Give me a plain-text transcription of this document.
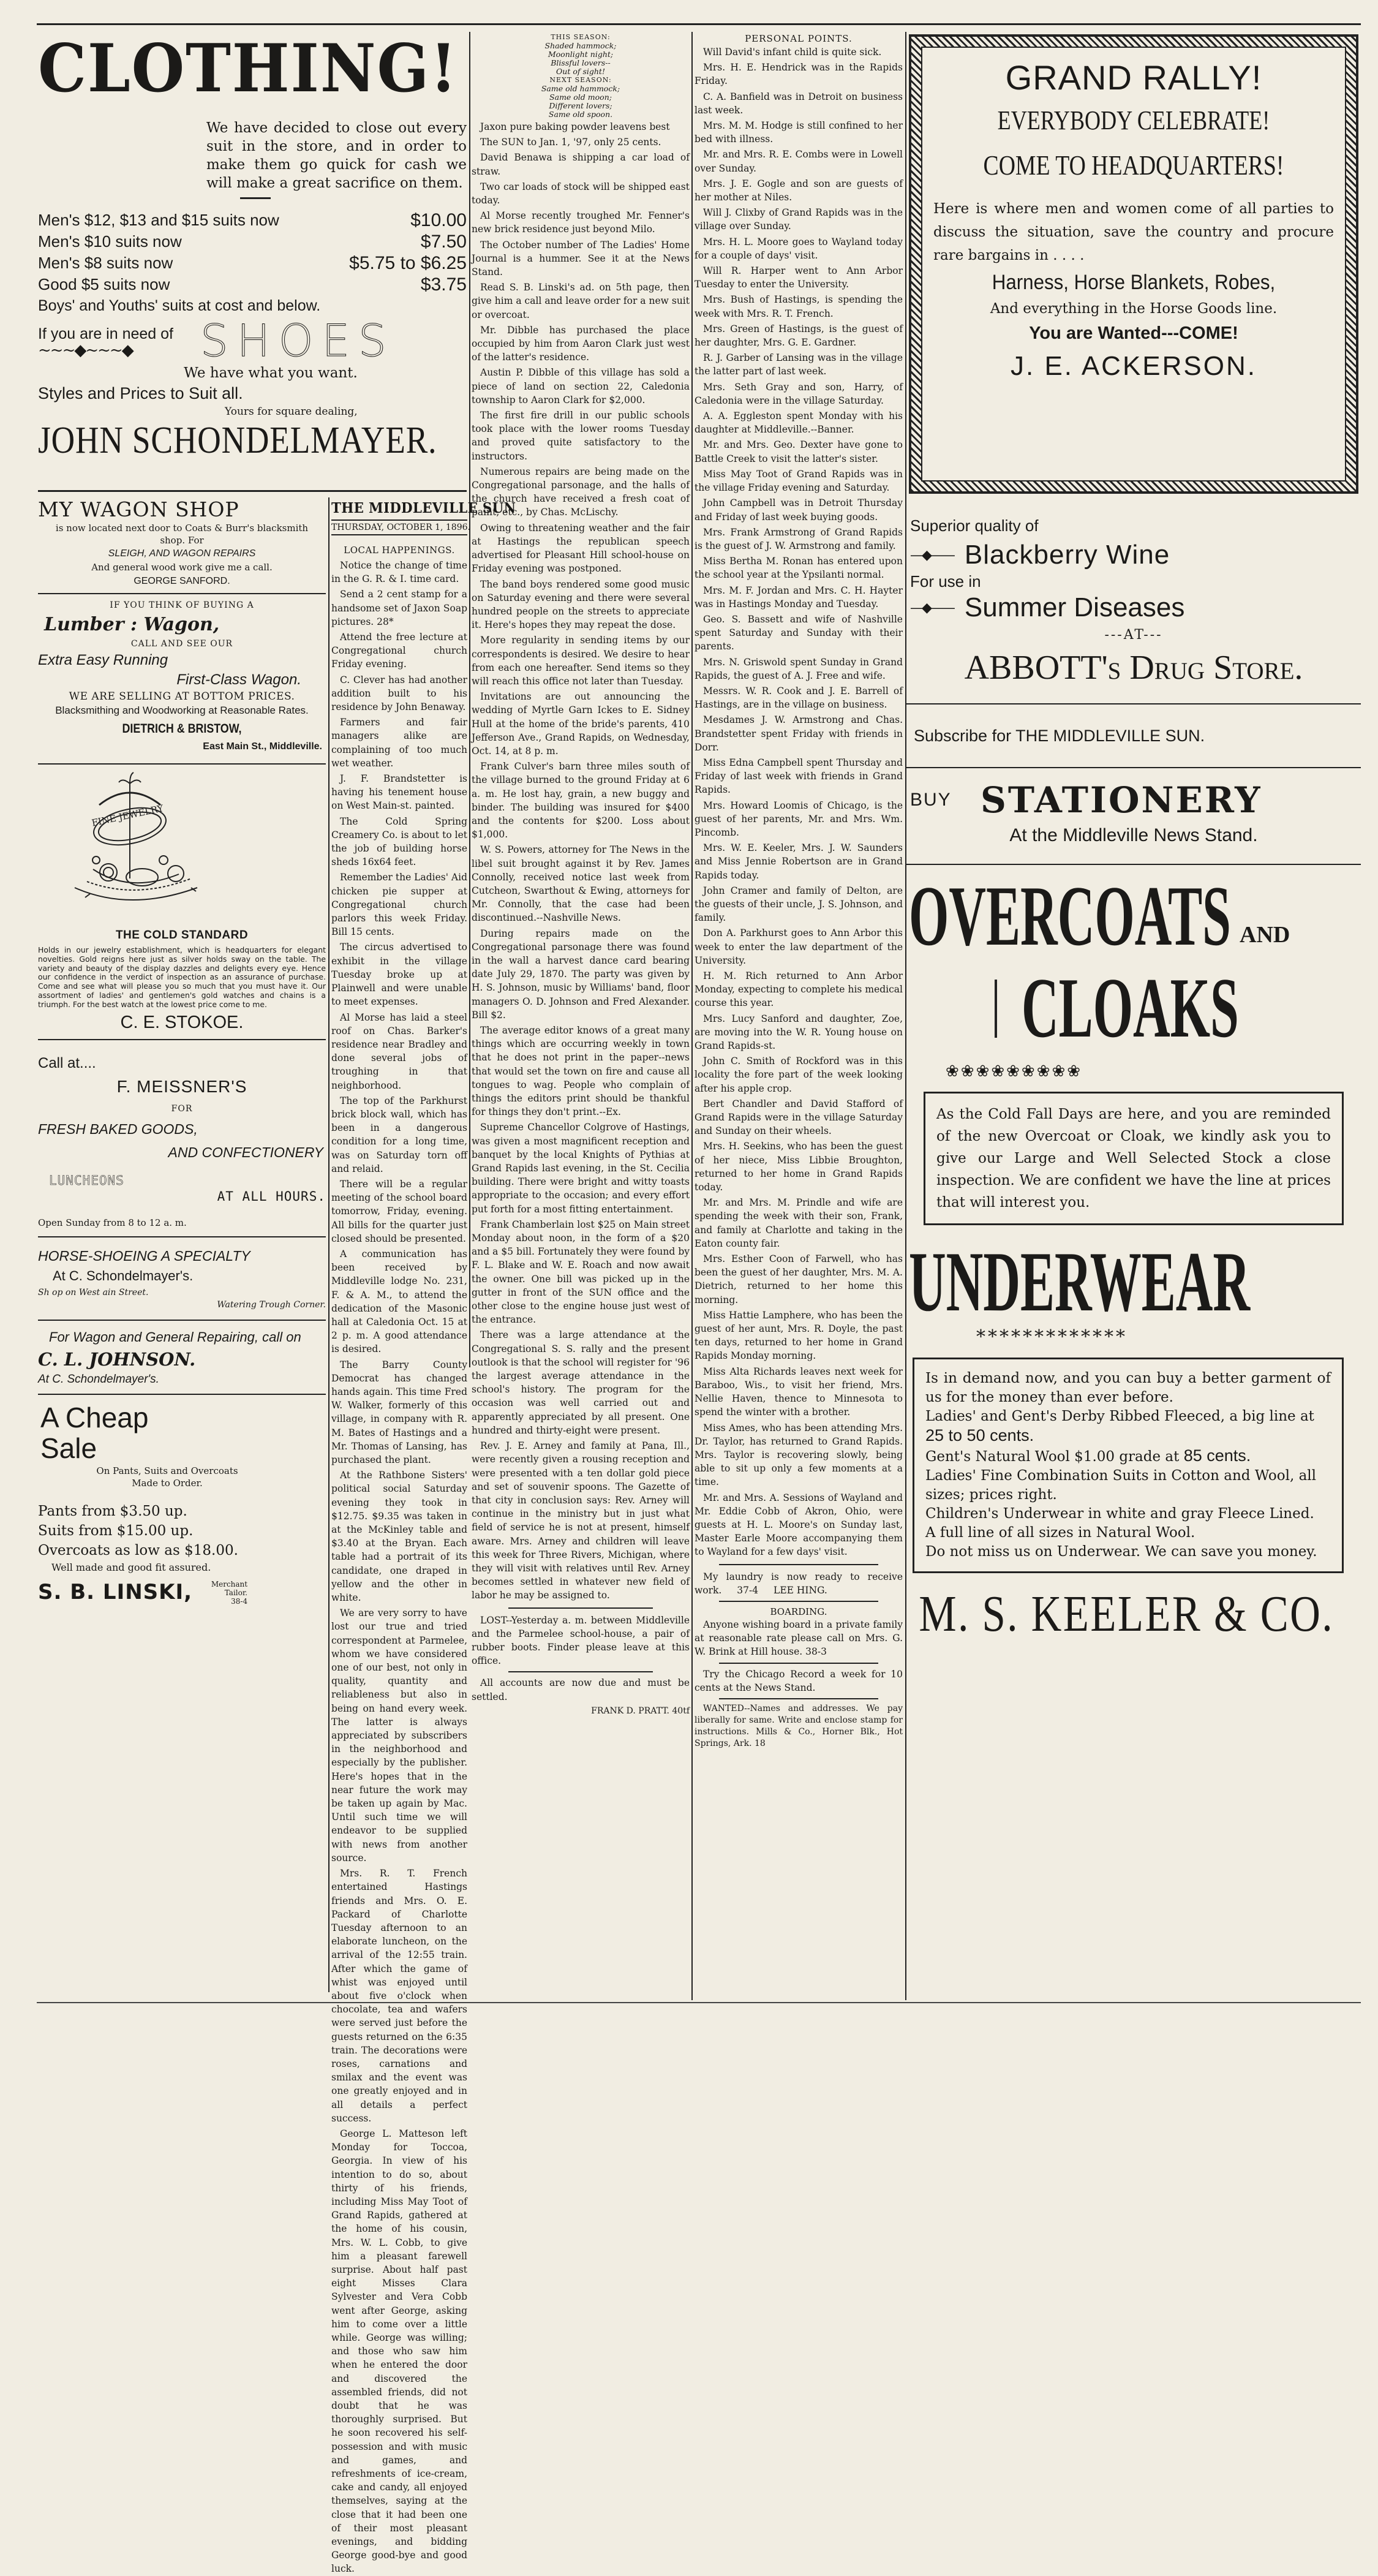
CLOTHING!
We have decided to close out every suit in the store, and in order to make them go quick for cash we will make a great sacrifice on them.
Men's $12, $13 and $15 suits now	$10.00
Men's $10 suits now	$7.50
Men's $8 suits now	$5.75 to $6.25
Good $5 suits now	$3.75
Boys' and Youths' suits at cost and below.
If you are in need of
~~~◆~~~◆	SHOES
We have what you want.
Styles and Prices to Suit all.
Yours for square dealing,
JOHN SCHONDELMAYER.
MY WAGON SHOP
is now located next door to Coats & Burr's blacksmith shop. For
SLEIGH, AND WAGON REPAIRS
And general wood work give me a call.
GEORGE SANFORD.
IF YOU THINK OF BUYING A
Lumber : Wagon,
CALL AND SEE OUR
Extra Easy Running
First-Class Wagon.
WE ARE SELLING AT BOTTOM PRICES.
Blacksmithing and Woodworking at Reasonable Rates.
DIETRICH & BRISTOW,
East Main St., Middleville.
FINE JEWELRY
THE COLD STANDARD
Holds in our jewelry establishment, which is headquarters for elegant novelties. Gold reigns here just as silver holds sway on the table. The variety and beauty of the display dazzles and delights every eye. Hence our confidence in the verdict of inspection as an assurance of purchase. Come and see what will please you so much that you must have it. Our assortment of ladies' and gentlemen's gold watches and chains is a triumph. For the best watch at the lowest price come to me.
C. E. STOKOE.
Call at....
F. MEISSNER'S
FOR
FRESH BAKED GOODS,
AND CONFECTIONERY
LUNCHEONS
AT ALL HOURS.
Open Sunday from 8 to 12 a. m.
HORSE-SHOEING A SPECIALTY
At C. Schondelmayer's.
Sh op on West ain Street.
Watering Trough Corner.
For Wagon and General Repairing, call on
C. L. JOHNSON.
At C. Schondelmayer's.
A Cheap
Sale
On Pants, Suits and Overcoats Made to Order.
Pants from $3.50 up.
Suits from $15.00 up.
Overcoats as low as $18.00.
Well made and good fit assured.
S. B. LINSKI,	Merchant Tailor.
38-4
THE MIDDLEVILLE SUN
THURSDAY, OCTOBER 1, 1896.
LOCAL HAPPENINGS.
Notice the change of time in the G. R. & I. time card.
Send a 2 cent stamp for a handsome set of Jaxon Soap pictures. 28*
Attend the free lecture at Congregational church Friday evening.
C. Clever has had another addition built to his residence by John Benaway.
Farmers and fair managers alike are complaining of too much wet weather.
J. F. Brandstetter is having his tenement house on West Main-st. painted.
The Cold Spring Creamery Co. is about to let the job of building horse sheds 16x64 feet.
Remember the Ladies' Aid chicken pie supper at Congregational church parlors this week Friday. Bill 15 cents.
The circus advertised to exhibit in the village Tuesday broke up at Plainwell and were unable to meet expenses.
Al Morse has laid a steel roof on Chas. Barker's residence near Bradley and done several jobs of troughing in that neighborhood.
The top of the Parkhurst brick block wall, which has been in a dangerous condition for a long time, was on Saturday torn off and relaid.
There will be a regular meeting of the school board tomorrow, Friday, evening. All bills for the quarter just closed should be presented.
A communication has been received by Middleville lodge No. 231, F. & A. M., to attend the dedication of the Masonic hall at Caledonia Oct. 15 at 2 p. m. A good attendance is desired.
The Barry County Democrat has changed hands again. This time Fred W. Walker, formerly of this village, in company with R. M. Bates of Hastings and a Mr. Thomas of Lansing, has purchased the plant.
At the Rathbone Sisters' political social Saturday evening they took in $12.75. $9.35 was taken in at the McKinley table and $3.40 at the Bryan. Each table had a portrait of its candidate, one draped in yellow and the other in white.
We are very sorry to have lost our true and tried correspondent at Parmelee, whom we have considered one of our best, not only in quality, quantity and reliableness but also in being on hand every week. The latter is always appreciated by subscribers in the neighborhood and especially by the publisher. Here's hopes that in the near future the work may be taken up again by Mac. Until such time we will endeavor to be supplied with news from another source.
Mrs. R. T. French entertained Hastings friends and Mrs. O. E. Packard of Charlotte Tuesday afternoon to an elaborate luncheon, on the arrival of the 12:55 train. After which the game of whist was enjoyed until about five o'clock when chocolate, tea and wafers were served just before the guests returned on the 6:35 train. The decorations were roses, carnations and smilax and the event was one greatly enjoyed and in all details a perfect success.
George L. Matteson left Monday for Toccoa, Georgia. In view of his intention to do so, about thirty of his friends, including Miss May Toot of Grand Rapids, gathered at the home of his cousin, Mrs. W. L. Cobb, to give him a pleasant farewell surprise. About half past eight Misses Clara Sylvester and Vera Cobb went after George, asking him to come over a little while. George was willing; and those who saw him when he entered the door and discovered the assembled friends, did not doubt that he was thoroughly surprised. But he soon recovered his self-possession and with music and games, and refreshments of ice-cream, cake and candy, all enjoyed themselves, saying at the close that it had been one of their most pleasant evenings, and bidding George good-bye and good luck.
THIS SEASON:
Shaded hammock;
Moonlight night;
Blissful lovers--
Out of sight!
NEXT SEASON:
Same old hammock;
Same old moon;
Different lovers;
Same old spoon.
Jaxon pure baking powder leavens best
The SUN to Jan. 1, '97, only 25 cents.
David Benawa is shipping a car load of straw.
Two car loads of stock will be shipped east today.
Al Morse recently troughed Mr. Fenner's new brick residence just beyond Milo.
The October number of The Ladies' Home Journal is a hummer. See it at the News Stand.
Read S. B. Linski's ad. on 5th page, then give him a call and leave order for a new suit or overcoat.
Mr. Dibble has purchased the place occupied by him from Aaron Clark just west of the latter's residence.
Austin P. Dibble of this village has sold a piece of land on section 22, Caledonia township to Aaron Clark for $2,000.
The first fire drill in our public schools took place with the lower rooms Tuesday and proved quite satisfactory to the instructors.
Numerous repairs are being made on the Congregational parsonage, and the halls of the church have received a fresh coat of paint, etc., by Chas. McLischy.
Owing to threatening weather and the fair at Hastings the republican speech advertised for Pleasant Hill school-house on Friday evening was postponed.
The band boys rendered some good music on Saturday evening and there were several hundred people on the streets to appreciate it. Here's hopes they may repeat the dose.
More regularity in sending items by our correspondents is desired. We desire to hear from each one hereafter. Send items so they will reach this office not later than Tuesday.
Invitations are out announcing the wedding of Myrtle Garn Ickes to E. Sidney Hull at the home of the bride's parents, 410 Jefferson Ave., Grand Rapids, on Wednesday, Oct. 14, at 8 p. m.
Frank Culver's barn three miles south of the village burned to the ground Friday at 6 a. m. He lost hay, grain, a new buggy and binder. The building was insured for $400 and the contents for $200. Loss about $1,000.
W. S. Powers, attorney for The News in the libel suit brought against it by Rev. James Connolly, received notice last week from Cutcheon, Swarthout & Ewing, attorneys for Mr. Connolly, that the case had been discontinued.--Nashville News.
During repairs made on the Congregational parsonage there was found in the wall a harvest dance card bearing date July 29, 1870. The party was given by H. S. Johnson, music by Williams' band, floor managers O. D. Johnson and Fred Alexander. Bill $2.
The average editor knows of a great many things which are occurring weekly in town that he does not print in the paper--news that would set the town on fire and cause all tongues to wag. People who complain of things the editors print should be thankful for things they don't print.--Ex.
Supreme Chancellor Colgrove of Hastings, was given a most magnificent reception and banquet by the local Knights of Pythias at Grand Rapids last evening, in the St. Cecilia building. There were bright and witty toasts appropriate to the occasion; and every effort put forth for a most fitting entertainment.
Frank Chamberlain lost $25 on Main street Monday about noon, in the form of a $20 and a $5 bill. Fortunately they were found by F. L. Blake and W. E. Roach and now await the owner. One bill was picked up in the gutter in front of the SUN office and the other close to the engine house just west of the entrance.
There was a large attendance at the Congregational S. S. rally and the present outlook is that the school will register for '96 the largest average attendance in the school's history. The program for the occasion was well carried out and apparently appreciated by all present. One hundred and thirty-eight were present.
Rev. J. E. Arney and family at Pana, Ill., were recently given a rousing reception and were presented with a ten dollar gold piece and set of souvenir spoons. The Gazette of that city in conclusion says: Rev. Arney will continue in the ministry but in just what field of service he is not at present, himself aware. Mrs. Arney and children will leave this week for Three Rivers, Michigan, where they will visit with relatives until Rev. Arney becomes settled in whatever new field of labor he may be assigned to.
LOST--Yesterday a. m. between Middleville and the Parmelee school-house, a pair of rubber boots. Finder please leave at this office.
All accounts are now due and must be settled.
FRANK D. PRATT. 40tf
PERSONAL POINTS.
Will David's infant child is quite sick.
Mrs. H. E. Hendrick was in the Rapids Friday.
C. A. Banfield was in Detroit on business last week.
Mrs. M. M. Hodge is still confined to her bed with illness.
Mr. and Mrs. R. E. Combs were in Lowell over Sunday.
Mrs. J. E. Gogle and son are guests of her mother at Niles.
Will J. Clixby of Grand Rapids was in the village over Sunday.
Mrs. H. L. Moore goes to Wayland today for a couple of days' visit.
Will R. Harper went to Ann Arbor Tuesday to enter the University.
Mrs. Bush of Hastings, is spending the week with Mrs. R. T. French.
Mrs. Green of Hastings, is the guest of her daughter, Mrs. G. E. Gardner.
R. J. Garber of Lansing was in the village the latter part of last week.
Mrs. Seth Gray and son, Harry, of Caledonia were in the village Saturday.
A. A. Eggleston spent Monday with his daughter at Middleville.--Banner.
Mr. and Mrs. Geo. Dexter have gone to Battle Creek to visit the latter's sister.
Miss May Toot of Grand Rapids was in the village Friday evening and Saturday.
John Campbell was in Detroit Thursday and Friday of last week buying goods.
Mrs. Frank Armstrong of Grand Rapids is the guest of J. W. Armstrong and family.
Miss Bertha M. Ronan has entered upon the school year at the Ypsilanti normal.
Mrs. M. F. Jordan and Mrs. C. H. Hayter was in Hastings Monday and Tuesday.
Geo. S. Bassett and wife of Nashville spent Saturday and Sunday with their parents.
Mrs. N. Griswold spent Sunday in Grand Rapids, the guest of A. J. Free and wife.
Messrs. W. R. Cook and J. E. Barrell of Hastings, are in the village on business.
Mesdames J. W. Armstrong and Chas. Brandstetter spent Friday with friends in Dorr.
Miss Edna Campbell spent Thursday and Friday of last week with friends in Grand Rapids.
Mrs. Howard Loomis of Chicago, is the guest of her parents, Mr. and Mrs. Wm. Pincomb.
Mrs. W. E. Keeler, Mrs. J. W. Saunders and Miss Jennie Robertson are in Grand Rapids today.
John Cramer and family of Delton, are the guests of their uncle, J. S. Johnson, and family.
Don A. Parkhurst goes to Ann Arbor this week to enter the law department of the University.
H. M. Rich returned to Ann Arbor Monday, expecting to complete his medical course this year.
Mrs. Lucy Sanford and daughter, Zoe, are moving into the W. R. Young house on Grand Rapids-st.
John C. Smith of Rockford was in this locality the fore part of the week looking after his apple crop.
Bert Chandler and David Stafford of Grand Rapids were in the village Saturday and Sunday on their wheels.
Mrs. H. Seekins, who has been the guest of her niece, Miss Libbie Broughton, returned to her home in Grand Rapids today.
Mr. and Mrs. M. Prindle and wife are spending the week with their son, Frank, and family at Charlotte and taking in the Eaton county fair.
Mrs. Esther Coon of Farwell, who has been the guest of her daughter, Mrs. M. A. Dietrich, returned to her home this morning.
Miss Hattie Lamphere, who has been the guest of her aunt, Mrs. R. Doyle, the past ten days, returned to her home in Grand Rapids Monday morning.
Miss Alta Richards leaves next week for Baraboo, Wis., to visit her friend, Mrs. Nellie Haven, thence to Minnesota to spend the winter with a brother.
Miss Ames, who has been attending Mrs. Dr. Taylor, has returned to Grand Rapids. Mrs. Taylor is recovering slowly, being able to sit up only a few moments at a time.
Mr. and Mrs. A. Sessions of Wayland and Mr. Eddie Cobb of Akron, Ohio, were guests at H. L. Moore's on Sunday last, Master Earle Moore accompanying them to Wayland for a few days' visit.
My laundry is now ready to receive work. 37-4 LEE HING.
BOARDING.
Anyone wishing board in a private family at reasonable rate please call on Mrs. G. W. Brink at Hill house. 38-3
Try the Chicago Record a week for 10 cents at the News Stand.
WANTED--Names and addresses. We pay liberally for same. Write and enclose stamp for instructions. Mills & Co., Horner Blk., Hot Springs, Ark. 18
GRAND RALLY!
EVERYBODY CELEBRATE!
COME TO HEADQUARTERS!
Here is where men and women come of all parties to discuss the situation, save the country and procure rare bargains in . . . .
Harness, Horse Blankets, Robes,
And everything in the Horse Goods line.
You are Wanted---COME!
J. E. ACKERSON.
Superior quality of
—◆—— Blackberry Wine
For use in
—◆—— Summer Diseases
---AT---
ABBOTT's Drug Store.
Subscribe for THE MIDDLEVILLE SUN.
BUY STATIONERY
At the Middleville News Stand.
OVERCOATS AND
CLOAKS
❀❀❀❀❀❀❀❀❀
As the Cold Fall Days are here, and you are reminded of the new Overcoat or Cloak, we kindly ask you to give our Large and Well Selected Stock a close inspection. We are confident we have the line at prices that will interest you.
UNDERWEAR
*************
Is in demand now, and you can buy a better garment of us for the money than ever before.
Ladies' and Gent's Derby Ribbed Fleeced, a big line at 25 to 50 cents.
Gent's Natural Wool $1.00 grade at 85 cents.
Ladies' Fine Combination Suits in Cotton and Wool, all sizes; prices right.
Children's Underwear in white and gray Fleece Lined.
A full line of all sizes in Natural Wool.
Do not miss us on Underwear. We can save you money.
M. S. KEELER & CO.
